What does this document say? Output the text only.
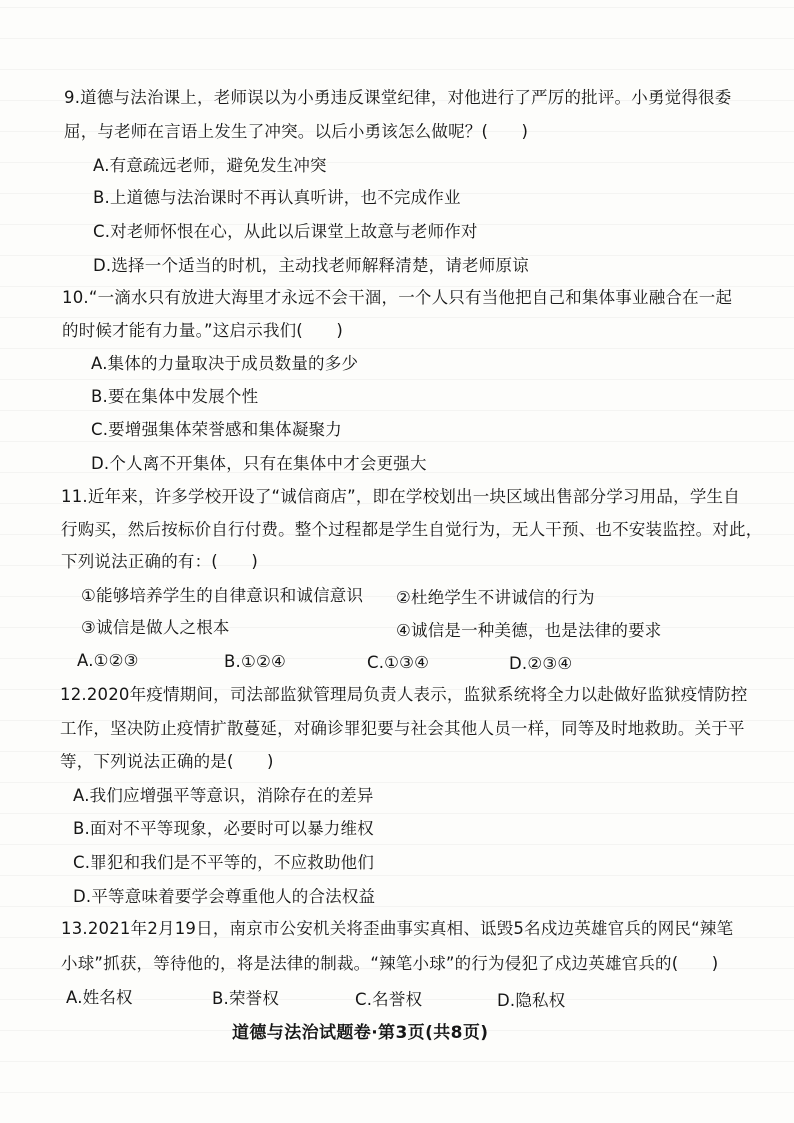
9.道德与法治课上，老师误以为小勇违反课堂纪律，对他进行了严厉的批评。小勇觉得很委
屈，与老师在言语上发生了冲突。以后小勇该怎么做呢？(　　)
A.有意疏远老师，避免发生冲突
B.上道德与法治课时不再认真听讲，也不完成作业
C.对老师怀恨在心，从此以后课堂上故意与老师作对
D.选择一个适当的时机，主动找老师解释清楚，请老师原谅
10.“一滴水只有放进大海里才永远不会干涸，一个人只有当他把自己和集体事业融合在一起
的时候才能有力量。”这启示我们(　　)
A.集体的力量取决于成员数量的多少
B.要在集体中发展个性
C.要增强集体荣誉感和集体凝聚力
D.个人离不开集体，只有在集体中才会更强大
11.近年来，许多学校开设了“诚信商店”，即在学校划出一块区域出售部分学习用品，学生自
行购买，然后按标价自行付费。整个过程都是学生自觉行为，无人干预、也不安装监控。对此，
下列说法正确的有：(　　)
①能够培养学生的自律意识和诚信意识 ②杜绝学生不讲诚信的行为
③诚信是做人之根本	④诚信是一种美德，也是法律的要求
A.①②③	B.①②④	C.①③④	D.②③④
12.2020年疫情期间，司法部监狱管理局负责人表示，监狱系统将全力以赴做好监狱疫情防控
工作，坚决防止疫情扩散蔓延，对确诊罪犯要与社会其他人员一样，同等及时地救助。关于平
等，下列说法正确的是(　　)
A.我们应增强平等意识，消除存在的差异
B.面对不平等现象，必要时可以暴力维权
C.罪犯和我们是不平等的，不应救助他们
D.平等意味着要学会尊重他人的合法权益
13.2021年2月19日，南京市公安机关将歪曲事实真相、诋毁5名戍边英雄官兵的网民“辣笔
小球”抓获，等待他的，将是法律的制裁。“辣笔小球”的行为侵犯了戍边英雄官兵的(　　)
A.姓名权	B.荣誉权	C.名誉权	D.隐私权
道德与法治试题卷·第3页(共8页)
